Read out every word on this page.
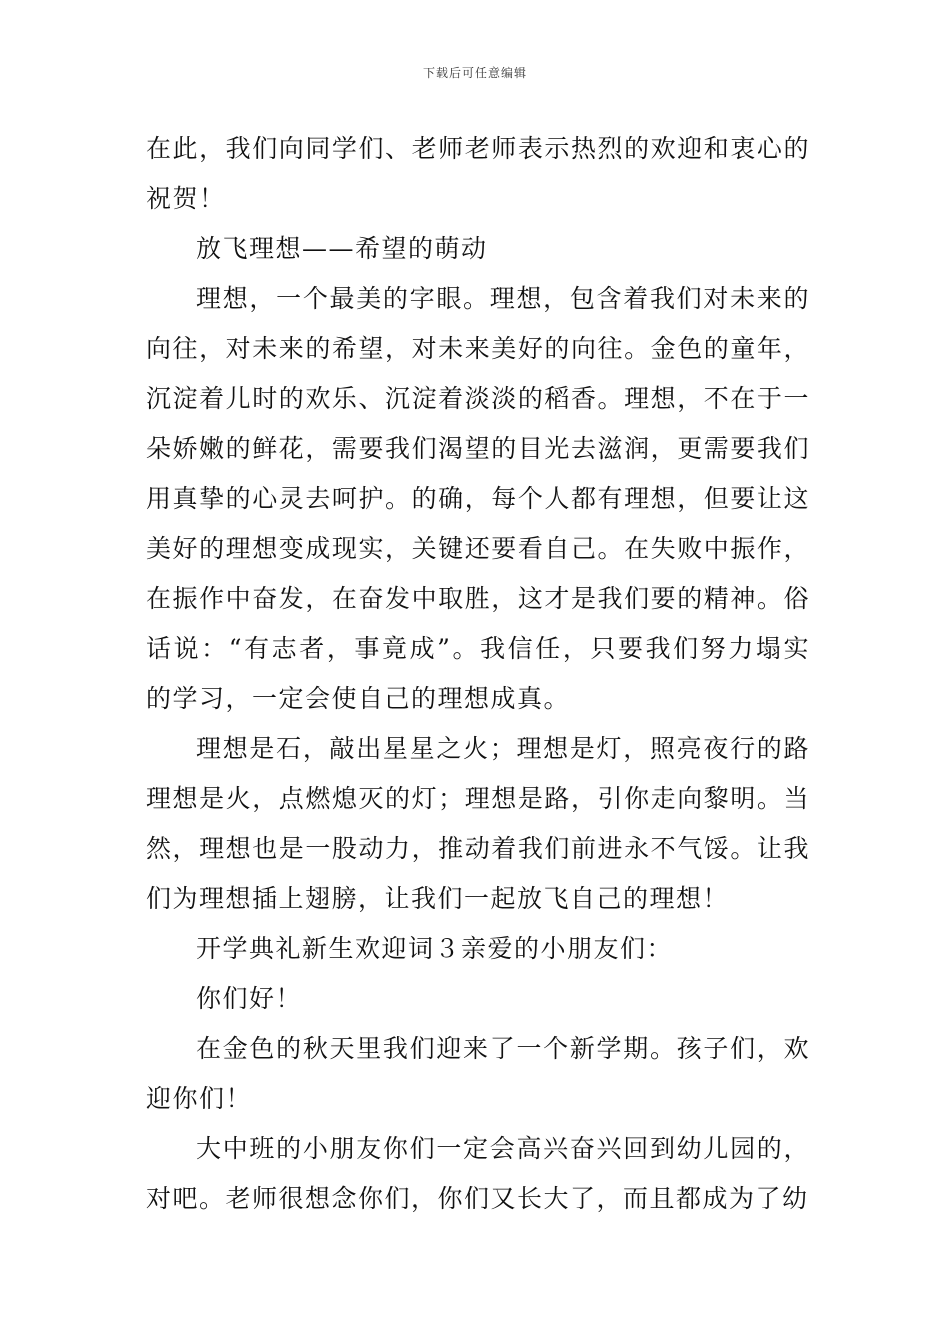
下载后可任意编辑

在此，我们向同学们、老师老师表示热烈的欢迎和衷心的祝贺！

放飞理想——希望的萌动

理想，一个最美的字眼。理想，包含着我们对未来的向往，对未来的希望，对未来美好的向往。金色的童年，沉淀着儿时的欢乐、沉淀着淡淡的稻香。理想，不在于一朵娇嫩的鲜花，需要我们渴望的目光去滋润，更需要我们用真挚的心灵去呵护。的确，每个人都有理想，但要让这美好的理想变成现实，关键还要看自己。在失败中振作，在振作中奋发，在奋发中取胜，这才是我们要的精神。俗话说：“有志者，事竟成”。我信任，只要我们努力塌实的学习，一定会使自己的理想成真。

理想是石，敲出星星之火；理想是灯，照亮夜行的路理想是火，点燃熄灭的灯；理想是路，引你走向黎明。当然，理想也是一股动力，推动着我们前进永不气馁。让我们为理想插上翅膀，让我们一起放飞自己的理想！

开学典礼新生欢迎词３亲爱的小朋友们：

你们好！

在金色的秋天里我们迎来了一个新学期。孩子们，欢迎你们！

大中班的小朋友你们一定会高兴奋兴回到幼儿园的，对吧。老师很想念你们，你们又长大了，而且都成为了幼
